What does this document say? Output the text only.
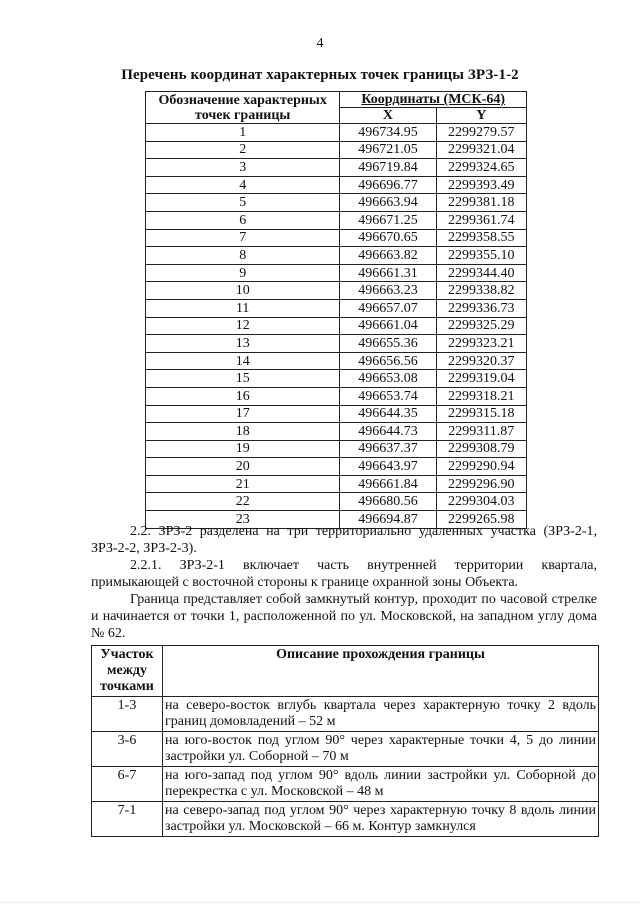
4
Перечень координат характерных точек границы ЗРЗ-1-2
Обозначение характерных точек границы	Координаты (МСК-64)	
	X	Y
1	496734.95	2299279.57
2	496721.05	2299321.04
3	496719.84	2299324.65
4	496696.77	2299393.49
5	496663.94	2299381.18
6	496671.25	2299361.74
7	496670.65	2299358.55
8	496663.82	2299355.10
9	496661.31	2299344.40
10	496663.23	2299338.82
11	496657.07	2299336.73
12	496661.04	2299325.29
13	496655.36	2299323.21
14	496656.56	2299320.37
15	496653.08	2299319.04
16	496653.74	2299318.21
17	496644.35	2299315.18
18	496644.73	2299311.87
19	496637.37	2299308.79
20	496643.97	2299290.94
21	496661.84	2299296.90
22	496680.56	2299304.03
23	496694.87	2299265.98
2.2. ЗРЗ-2 разделена на три территориально удаленных участка (ЗРЗ-2-1, ЗРЗ-2-2, ЗРЗ-2-3).
2.2.1. ЗРЗ-2-1 включает часть внутренней территории квартала, примыкающей с восточной стороны к границе охранной зоны Объекта.
Граница представляет собой замкнутый контур, проходит по часовой стрелке и начинается от точки 1, расположенной по ул. Московской, на западном углу дома № 62.
Участок между точками	Описание прохождения границы
1-3	на северо-восток вглубь квартала через характерную точку 2 вдоль границ домовладений – 52 м
3-6	на юго-восток под углом 90° через характерные точки 4, 5 до линии застройки ул. Соборной – 70 м
6-7	на юго-запад под углом 90° вдоль линии застройки ул. Соборной до перекрестка с ул. Московской – 48 м
7-1	на северо-запад под углом 90° через характерную точку 8 вдоль линии застройки ул. Московской – 66 м. Контур замкнулся
